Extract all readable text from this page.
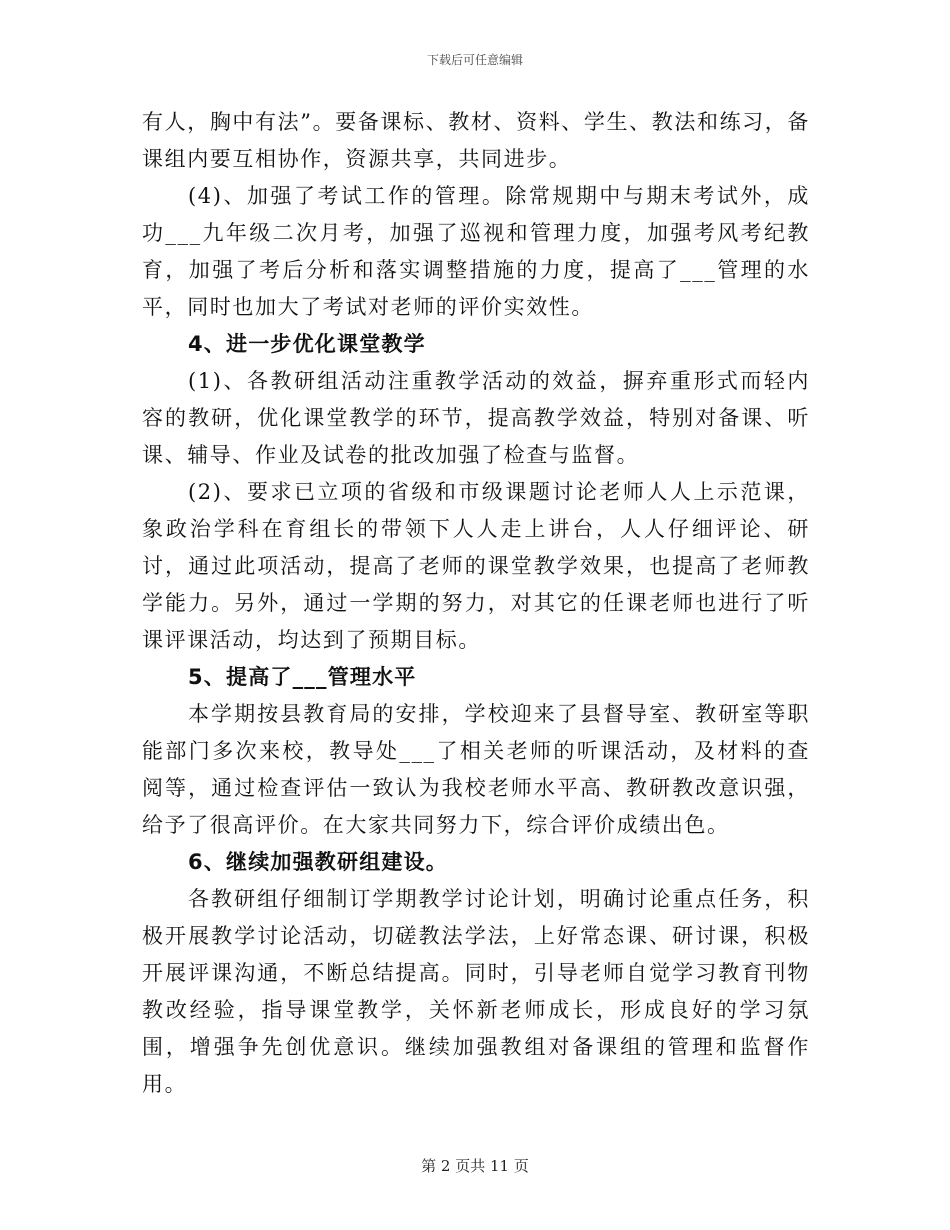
下载后可任意编辑

有人，胸中有法”。要备课标、教材、资料、学生、教法和练习，备课组内要互相协作，资源共享，共同进步。

(4)、加强了考试工作的管理。除常规期中与期末考试外，成功___九年级二次月考，加强了巡视和管理力度，加强考风考纪教育，加强了考后分析和落实调整措施的力度，提高了___管理的水平，同时也加大了考试对老师的评价实效性。

4、进一步优化课堂教学

(1)、各教研组活动注重教学活动的效益，摒弃重形式而轻内容的教研，优化课堂教学的环节，提高教学效益，特别对备课、听课、辅导、作业及试卷的批改加强了检查与监督。

(2)、要求已立项的省级和市级课题讨论老师人人上示范课，象政治学科在育组长的带领下人人走上讲台，人人仔细评论、研讨，通过此项活动，提高了老师的课堂教学效果，也提高了老师教学能力。另外，通过一学期的努力，对其它的任课老师也进行了听课评课活动，均达到了预期目标。

5、提高了___管理水平

本学期按县教育局的安排，学校迎来了县督导室、教研室等职能部门多次来校，教导处___了相关老师的听课活动，及材料的查阅等，通过检查评估一致认为我校老师水平高、教研教改意识强，给予了很高评价。在大家共同努力下，综合评价成绩出色。

6、继续加强教研组建设。

各教研组仔细制订学期教学讨论计划，明确讨论重点任务，积极开展教学讨论活动，切磋教法学法，上好常态课、研讨课，积极开展评课沟通，不断总结提高。同时，引导老师自觉学习教育刊物教改经验，指导课堂教学，关怀新老师成长，形成良好的学习氛围，增强争先创优意识。继续加强教组对备课组的管理和监督作用。

第 2 页共 11 页
